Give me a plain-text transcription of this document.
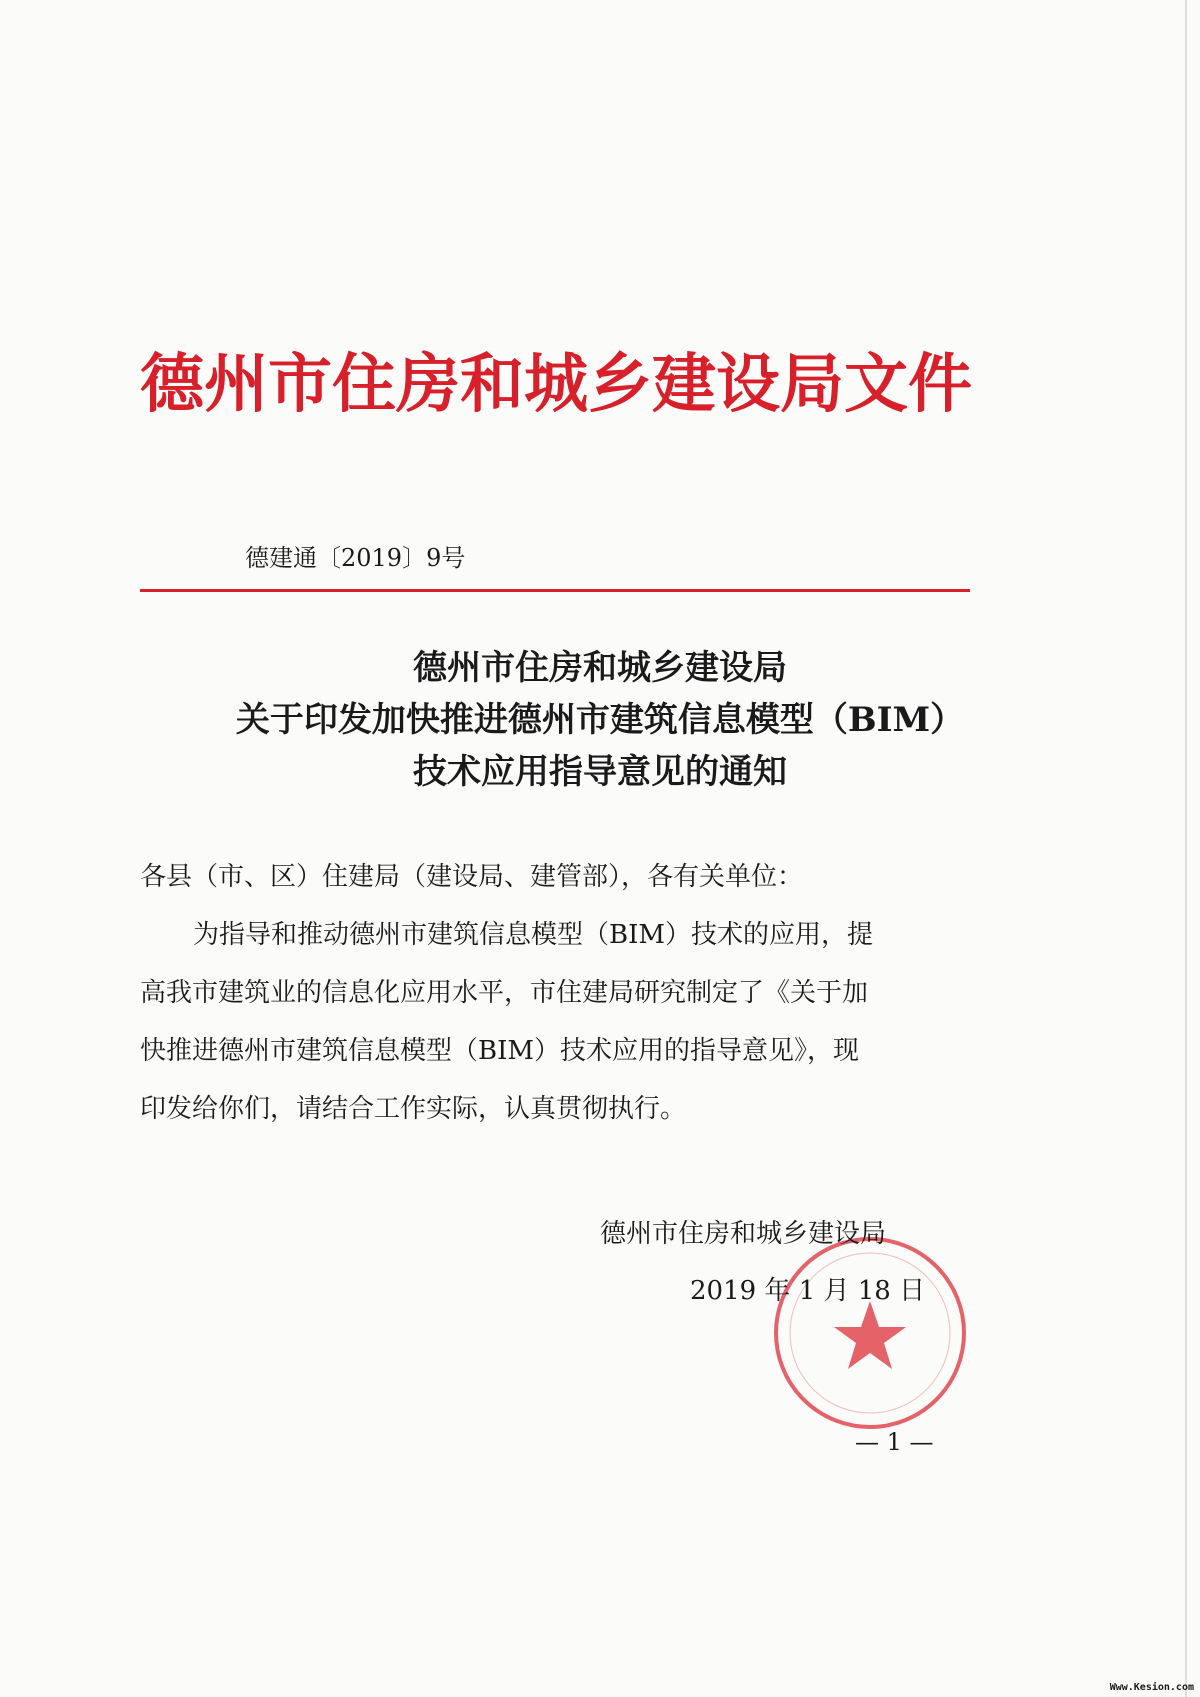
德州市住房和城乡建设局文件
德建通〔2019〕9号
德州市住房和城乡建设局
关于印发加快推进德州市建筑信息模型（BIM）
技术应用指导意见的通知
各县（市、区）住建局（建设局、建管部），各有关单位：
为指导和推动德州市建筑信息模型（BIM）技术的应用，提
高我市建筑业的信息化应用水平，市住建局研究制定了《关于加
快推进德州市建筑信息模型（BIM）技术应用的指导意见》，现
印发给你们，请结合工作实际，认真贯彻执行。
德州市住房和城乡建设局
2019 年 1 月 18 日
— 1 —
Www.Kesion.com
